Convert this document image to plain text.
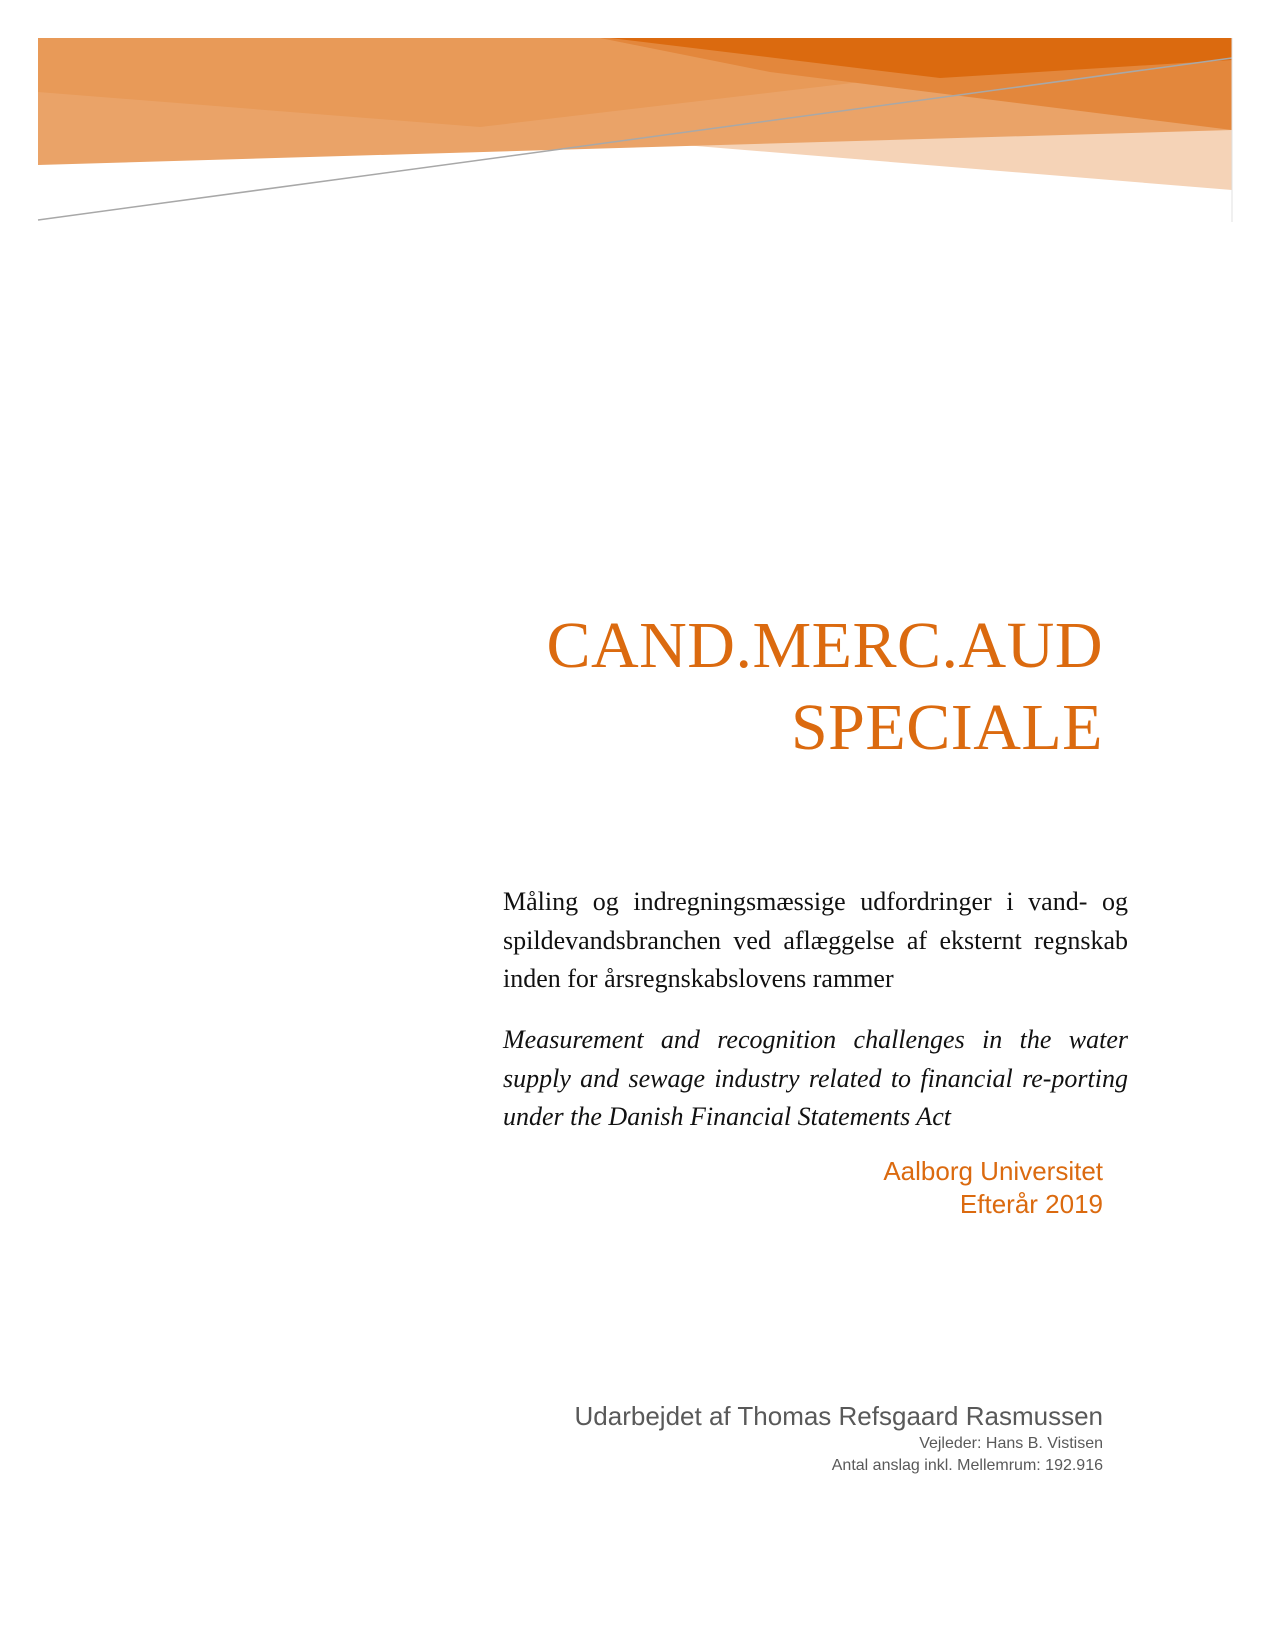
CAND.MERC.AUD
SPECIALE
Måling og indregningsmæssige udfordringer i vand- og spildevandsbranchen ved aflæggelse af eksternt regnskab inden for årsregnskabslovens rammer
Measurement and recognition challenges in the water supply and sewage industry related to financial re-porting under the Danish Financial Statements Act
Aalborg Universitet
Efterår 2019
Udarbejdet af Thomas Refsgaard Rasmussen
Vejleder: Hans B. Vistisen
Antal anslag inkl. Mellemrum: 192.916
